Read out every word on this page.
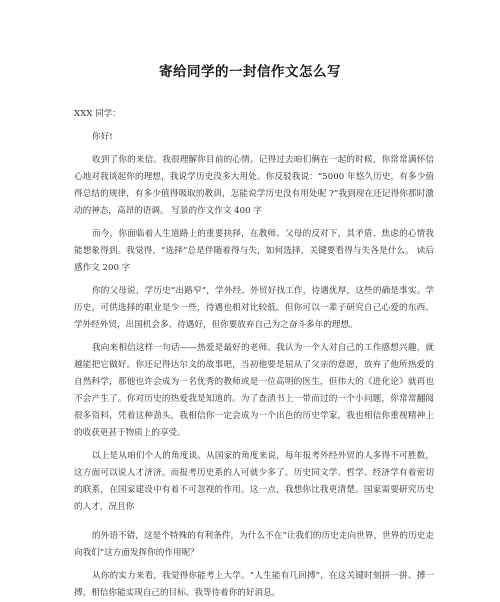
寄给同学的一封信作文怎么写

XXX 同学：

你好!

收到了你的来信。我很理解你目前的心情。记得过去咱们俩在一起的时候，你常常满怀信心地对我谈起你的理想，我说学历史没多大用处。你反驳我说：“5000 年悠久历史，有多少值得总结的规律，有多少值得吸取的教训，怎能说学历史没有用处呢 ?”我到现在还记得你那时激动的神态，高昂的语调。 写景的作文作文 400 字

而今，你面临着人生道路上的重要抉择，在教师、父母的反对下，其矛盾、焦虑的心情我能想象得到。我觉得，“选择”总是伴随着得与失，如何选择，关键要看得与失各是什么。 读后感作文 200 字

你的父母说，学历史“出路窄”，学外经、外贸好找工作，待遇优厚，这些的确是事实。学历史，可供选择的职业是少一些，待遇也相对比较低。但你可以一辈子研究自己心爱的东西。学外经外贸，出国机会多、待遇好，但你要放弃自己为之奋斗多年的理想。

我向来相信这样一句话——热爱是最好的老师。我认为一个人对自己的工作感想兴趣，就越能把它做好。你还记得达尔文的故事吧，当初他要是屈从了父亲的意愿，放弃了他所热爱的自然科学，那他也许会成为一名优秀的教师或是一位高明的医生，但伟大的《进化论》就再也不会产生了。你对历史的热爱我是知道的。为了查清书上一带而过的一个小问题，你常常翻阅很多资料，凭着这种劲头，我相信你一定会成为一个出色的历史学家，我也相信你重视精神上的收获更甚于物质上的享受。

以上是从咱们个人的角度谈。从国家的角度来说，每年报考外经外贸的人多得不可胜数，这方面可以说人才济济。而报考历史系的人可就少多了。历史同文学、哲学、经济学有着密切的联系，在国家建设中有着不可忽视的作用。这一点，我想你比我更清楚。国家需要研究历史的人才，况且你

的外语不错，这是个特殊的有利条件，为什么不在“让我们的历史走向世界，世界的历史走向我们”这方面发挥你的作用呢？

从你的实力来看，我觉得你能考上大学。“人生能有几回搏”，在这关键时刻拼一拼、搏一搏，相信你能实现自己的目标。我等待着你的好消息。
